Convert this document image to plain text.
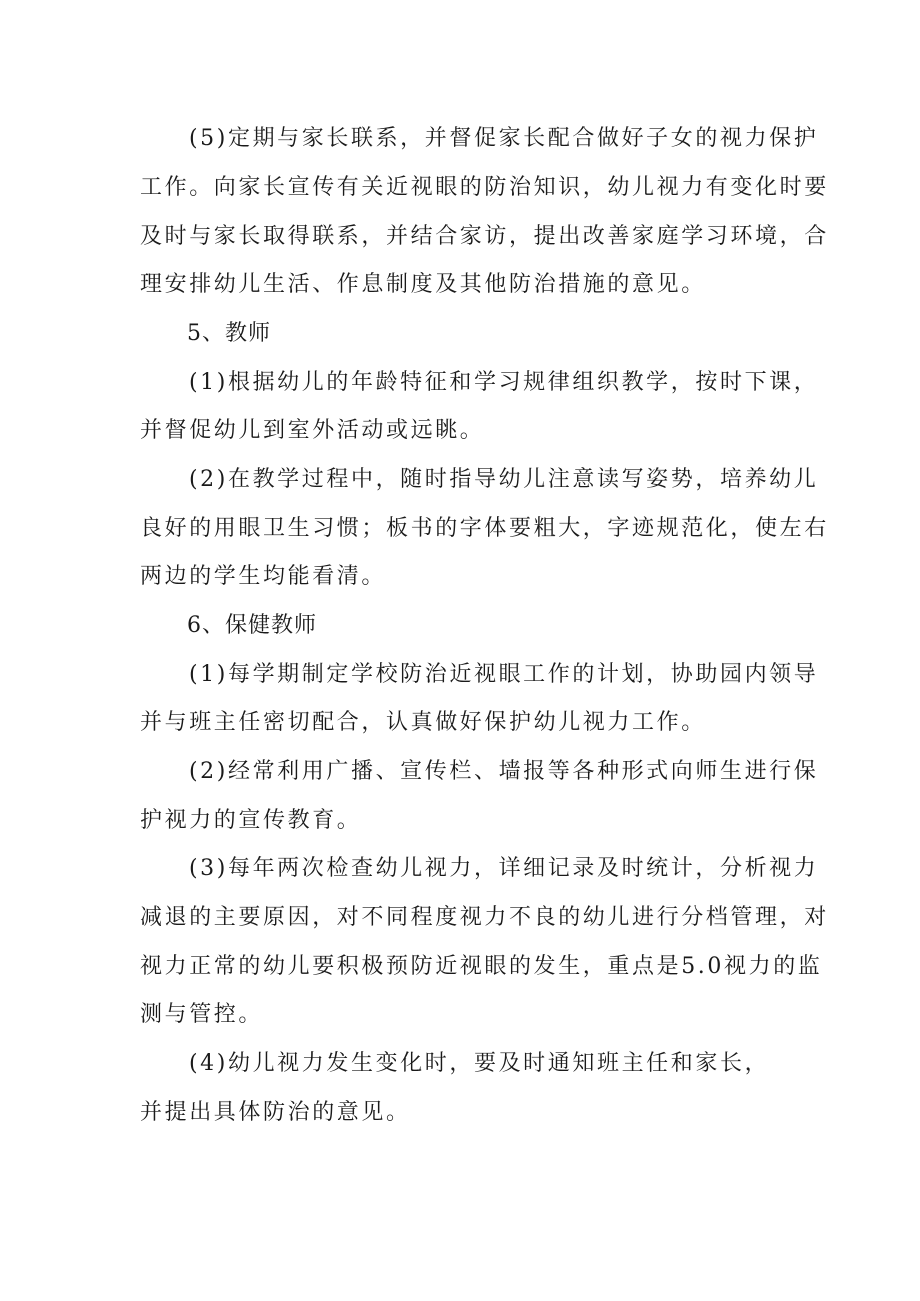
(5)定期与家长联系，并督促家长配合做好子女的视力保护
工作。向家长宣传有关近视眼的防治知识，幼儿视力有变化时要
及时与家长取得联系，并结合家访，提出改善家庭学习环境，合
理安排幼儿生活、作息制度及其他防治措施的意见。
5、教师
(1)根据幼儿的年龄特征和学习规律组织教学，按时下课，
并督促幼儿到室外活动或远眺。
(2)在教学过程中，随时指导幼儿注意读写姿势，培养幼儿
良好的用眼卫生习惯；板书的字体要粗大，字迹规范化，使左右
两边的学生均能看清。
6、保健教师
(1)每学期制定学校防治近视眼工作的计划，协助园内领导
并与班主任密切配合，认真做好保护幼儿视力工作。
(2)经常利用广播、宣传栏、墙报等各种形式向师生进行保
护视力的宣传教育。
(3)每年两次检查幼儿视力，详细记录及时统计，分析视力
减退的主要原因，对不同程度视力不良的幼儿进行分档管理，对
视力正常的幼儿要积极预防近视眼的发生，重点是5.0视力的监
测与管控。
(4)幼儿视力发生变化时，要及时通知班主任和家长，
并提出具体防治的意见。
